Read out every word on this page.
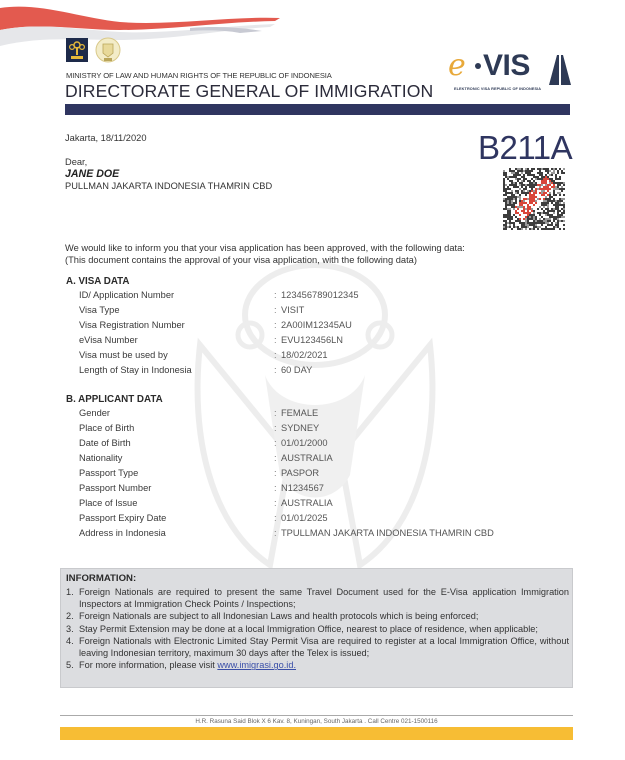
MINISTRY OF LAW AND HUMAN RIGHTS OF THE REPUBLIC OF INDONESIA
DIRECTORATE GENERAL OF IMMIGRATION
e VIS
ELEKTRONIC VISA REPUBLIC OF INDONESIA
Jakarta, 18/11/2020
Dear,
JANE DOE
PULLMAN JAKARTA INDONESIA THAMRIN CBD
B211A
We would like to inform you that your visa application has been approved, with the following data:
(This document contains the approval of your visa application, with the following data)
A. VISA DATA
ID/ Application Number	: 123456789012345
Visa Type	: VISIT
Visa Registration Number	: 2A00IM12345AU
eVisa Number	: EVU123456LN
Visa must be used by	: 18/02/2021
Length of Stay in Indonesia	: 60 DAY
B. APPLICANT DATA
Gender	: FEMALE
Place of Birth	: SYDNEY
Date of Birth	: 01/01/2000
Nationality	: AUSTRALIA
Passport Type	: PASPOR
Passport Number	: N1234567
Place of Issue	: AUSTRALIA
Passport Expiry Date	: 01/01/2025
Address in Indonesia	: TPULLMAN JAKARTA INDONESIA THAMRIN CBD
INFORMATION:
1. Foreign Nationals are required to present the same Travel Document used for the E-Visa application Immigration Inspectors at Immigration Check Points / Inspections;
2. Foreign Nationals are subject to all Indonesian Laws and health protocols which is being enforced;
3. Stay Permit Extension may be done at a local Immigration Office, nearest to place of residence, when applicable;
4. Foreign Nationals with Electronic Limited Stay Permit Visa are required to register at a local Immigration Office, without leaving Indonesian territory, maximum 30 days after the Telex is issued;
5. For more information, please visit www.imigrasi.go.id.
H.R. Rasuna Said Blok X 6 Kav. 8, Kuningan, South Jakarta . Call Centre 021-1500116
